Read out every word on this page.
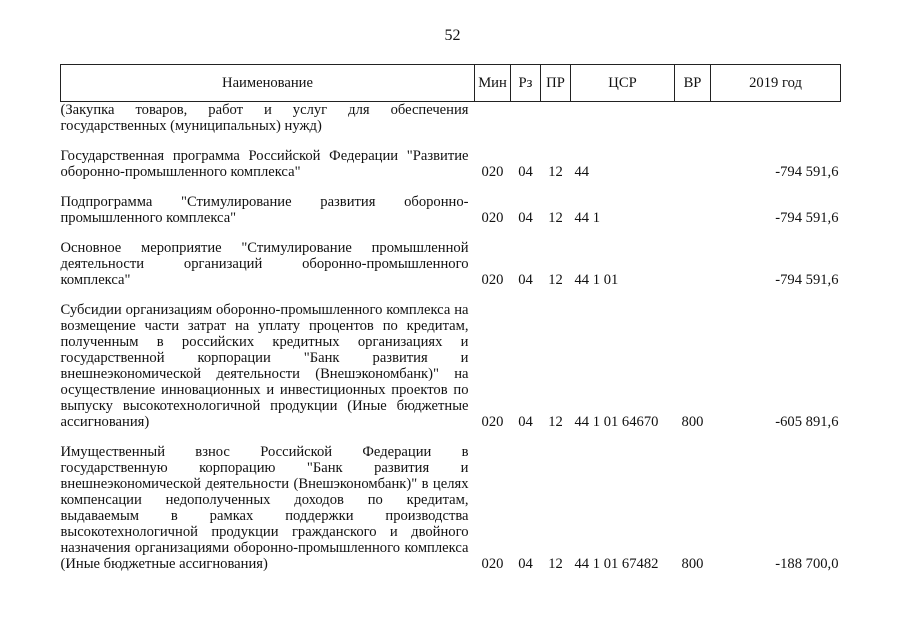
52
Наименование	Мин	Рз	ПР	ЦСР	ВР	2019 год
(Закупка товаров, работ и услуг для обеспечения государственных (муниципальных) нужд)						

Государственная программа Российской Федерации "Развитие оборонно-промышленного комплекса"	020	04	12	44		-794 591,6

Подпрограмма "Стимулирование развития оборонно-промышленного комплекса"	020	04	12	44 1		-794 591,6

Основное мероприятие "Стимулирование промышленной деятельности организаций оборонно-промышленного комплекса"	020	04	12	44 1 01		-794 591,6

Субсидии организациям оборонно-промышленного комплекса на возмещение части затрат на уплату процентов по кредитам, полученным в российских кредитных организациях и государственной корпорации "Банк развития и внешнеэкономической деятельности (Внешэкономбанк)" на осуществление инновационных и инвестиционных проектов по выпуску высокотехнологичной продукции (Иные бюджетные ассигнования)	020	04	12	44 1 01 64670	800	-605 891,6

Имущественный взнос Российской Федерации в государственную корпорацию "Банк развития и внешнеэкономической деятельности (Внешэкономбанк)" в целях компенсации недополученных доходов по кредитам, выдаваемым в рамках поддержки производства высокотехнологичной продукции гражданского и двойного назначения организациями оборонно-промышленного комплекса (Иные бюджетные ассигнования)	020	04	12	44 1 01 67482	800	-188 700,0
